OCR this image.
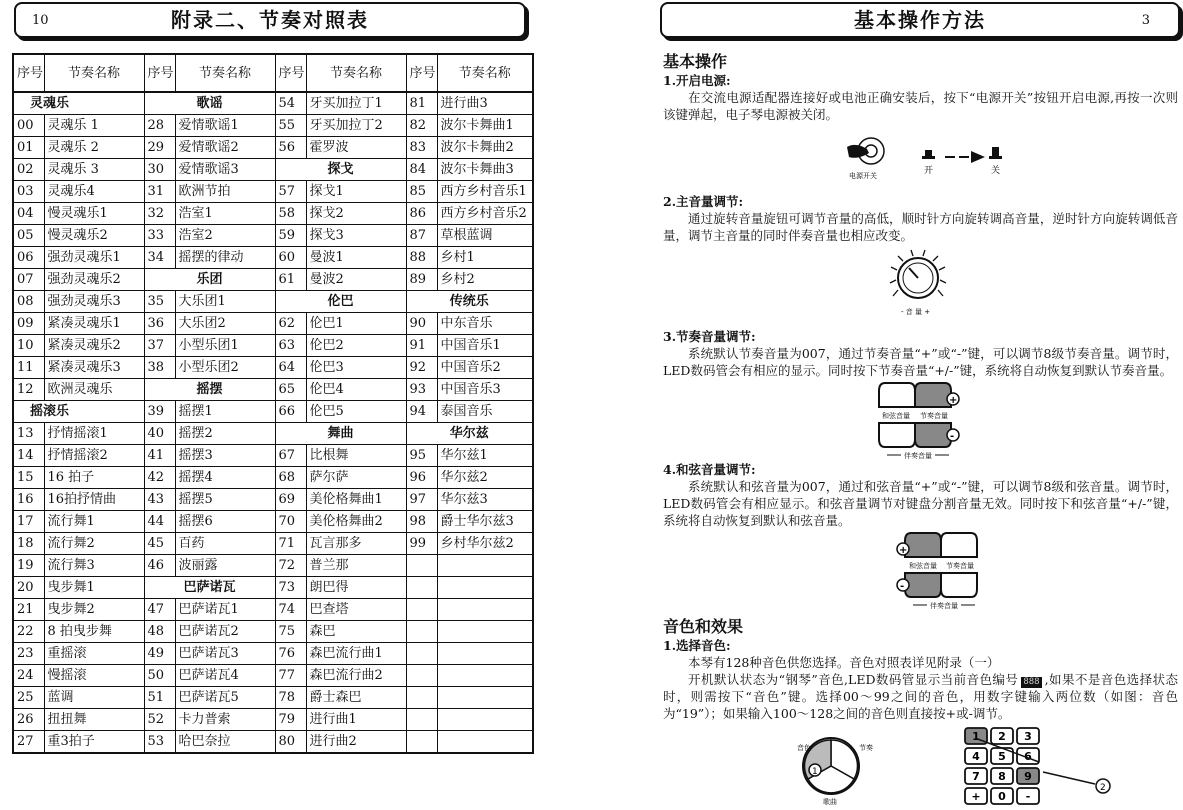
10	附录二、节奏对照表
序号	节奏名称	序号	节奏名称	序号	节奏名称	序号	节奏名称
灵魂乐		歌谣		54	牙买加拉丁1	81	进行曲3
00	灵魂乐 1	28	爱情歌谣1	55	牙买加拉丁2	82	波尔卡舞曲1
01	灵魂乐 2	29	爱情歌谣2	56	霍罗波	83	波尔卡舞曲2
02	灵魂乐 3	30	爱情歌谣3	探戈		84	波尔卡舞曲3
03	灵魂乐4	31	欧洲节拍	57	探戈1	85	西方乡村音乐1
04	慢灵魂乐1	32	浩室1	58	探戈2	86	西方乡村音乐2
05	慢灵魂乐2	33	浩室2	59	探戈3	87	草根蓝调
06	强劲灵魂乐1	34	摇摆的律动	60	曼波1	88	乡村1
07	强劲灵魂乐2	乐团		61	曼波2	89	乡村2
08	强劲灵魂乐3	35	大乐团1	伦巴		传统乐	
09	紧凑灵魂乐1	36	大乐团2	62	伦巴1	90	中东音乐
10	紧凑灵魂乐2	37	小型乐团1	63	伦巴2	91	中国音乐1
11	紧凑灵魂乐3	38	小型乐团2	64	伦巴3	92	中国音乐2
12	欧洲灵魂乐	摇摆		65	伦巴4	93	中国音乐3
摇滚乐		39	摇摆1	66	伦巴5	94	泰国音乐
13	抒情摇滚1	40	摇摆2	舞曲		华尔兹	
14	抒情摇滚2	41	摇摆3	67	比根舞	95	华尔兹1
15	16 拍子	42	摇摆4	68	萨尔萨	96	华尔兹2
16	16拍抒情曲	43	摇摆5	69	美伦格舞曲1	97	华尔兹3
17	流行舞1	44	摇摆6	70	美伦格舞曲2	98	爵士华尔兹3
18	流行舞2	45	百药	71	瓦言那多	99	乡村华尔兹2
19	流行舞3	46	波丽露	72	普兰那		
20	曳步舞1	巴萨诺瓦		73	朗巴得		
21	曳步舞2	47	巴萨诺瓦1	74	巴查塔		
22	8 拍曳步舞	48	巴萨诺瓦2	75	森巴		
23	重摇滚	49	巴萨诺瓦3	76	森巴流行曲1		
24	慢摇滚	50	巴萨诺瓦4	77	森巴流行曲2		
25	蓝调	51	巴萨诺瓦5	78	爵士森巴		
26	扭扭舞	52	卡力普索	79	进行曲1		
27	重3拍子	53	哈巴奈拉	80	进行曲2		
基本操作方法	3
基本操作
1.开启电源:
在交流电源适配器连接好或电池正确安装后，按下“电源开关”按钮开启电源,再按一次则该键弹起，电子琴电源被关闭。
电源开关	开	关
2.主音量调节:
通过旋转音量旋钮可调节音量的高低，顺时针方向旋转调高音量，逆时针方向旋转调低音量，调节主音量的同时伴奏音量也相应改变。
- 音 量 +
3.节奏音量调节:
系统默认节奏音量为007，通过节奏音量“+”或“-”键，可以调节8级节奏音量。调节时，LED数码管会有相应的显示。同时按下节奏音量“+/-”键，系统将自动恢复到默认节奏音量。
和弦音量 节奏音量
+
-
伴奏音量
4.和弦音量调节:
系统默认和弦音量为007，通过和弦音量“+”或“-”键，可以调节8级和弦音量。调节时，LED数码管会有相应显示。和弦音量调节对键盘分割音量无效。同时按下和弦音量“+/-”键，系统将自动恢复到默认和弦音量。
和弦音量 节奏音量
+
-
伴奏音量
音色和效果
1.选择音色:
本琴有128种音色供您选择。音色对照表详见附录（一）
开机默认状态为“钢琴”音色,LED数码管显示当前音色编号 888 ,如果不是音色选择状态时，则需按下“音色”键。选择00～99之间的音色，用数字键输入两位数（如图：音色为“19”）；如果输入100～128之间的音色则直接按+或-调节。
音色	节奏
歌曲
1
1 2 3
4 5 6
7 8 9
+ 0 -
2
